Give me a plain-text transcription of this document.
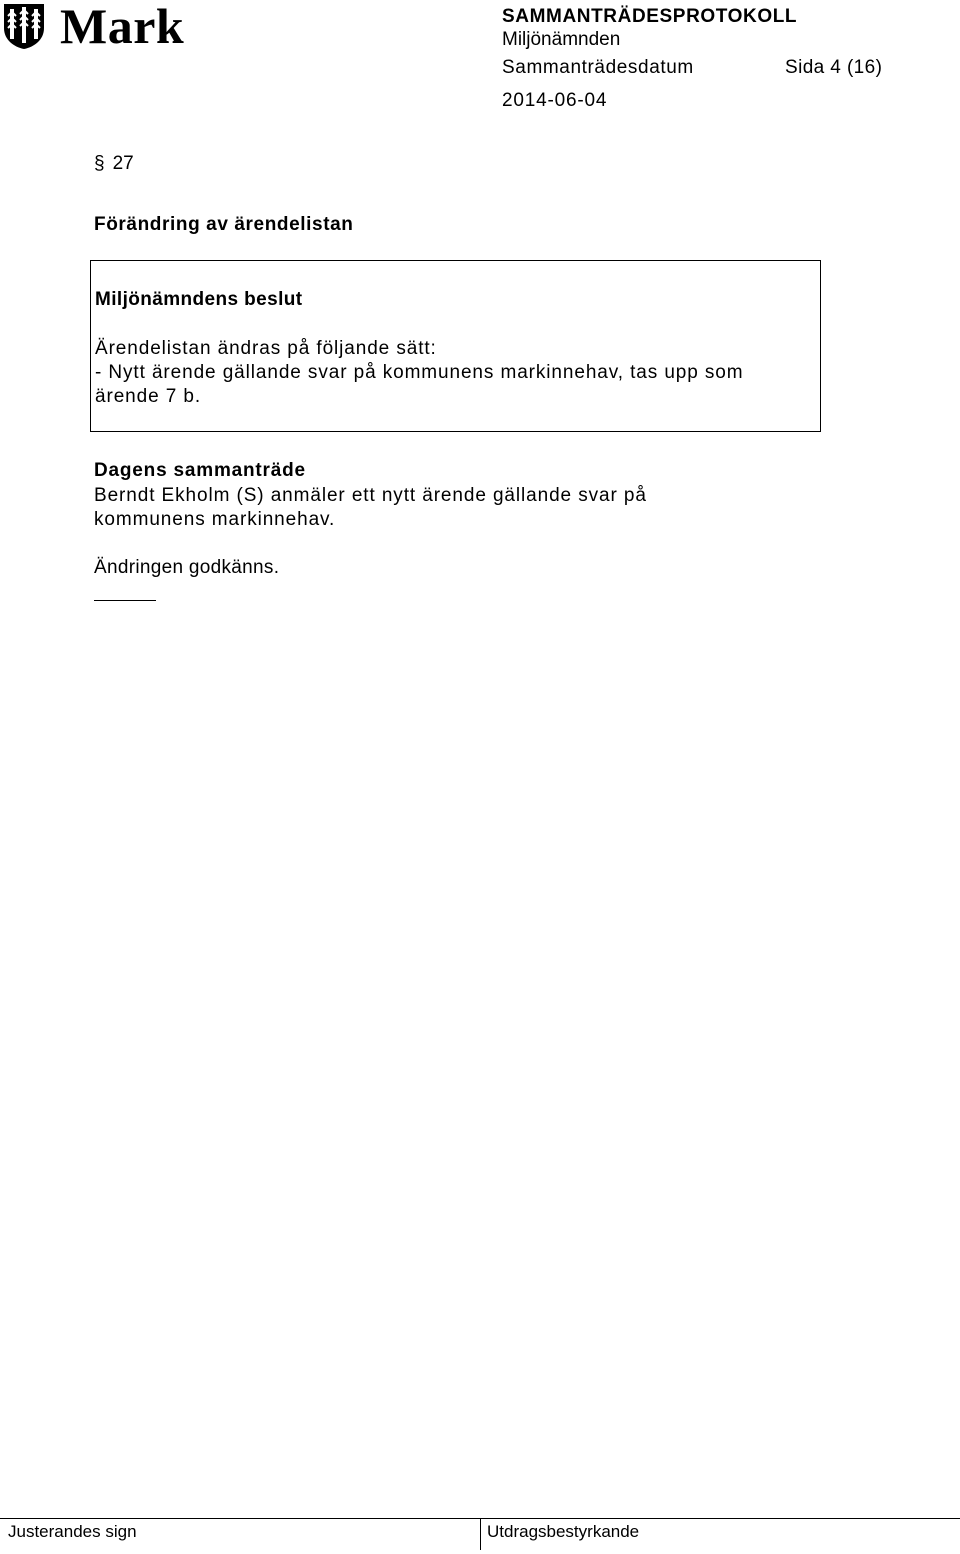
Mark	SAMMANTRÄDESPROTOKOLL
Miljönämnden
Sammanträdesdatum	Sida 4 (16)
2014-06-04
§ 27
Förändring av ärendelistan
Miljönämndens beslut
Ärendelistan ändras på följande sätt:
- Nytt ärende gällande svar på kommunens markinnehav, tas upp som
ärende 7 b.
Dagens sammanträde
Berndt Ekholm (S) anmäler ett nytt ärende gällande svar på
kommunens markinnehav.
Ändringen godkänns.
Justerandes sign	Utdragsbestyrkande
